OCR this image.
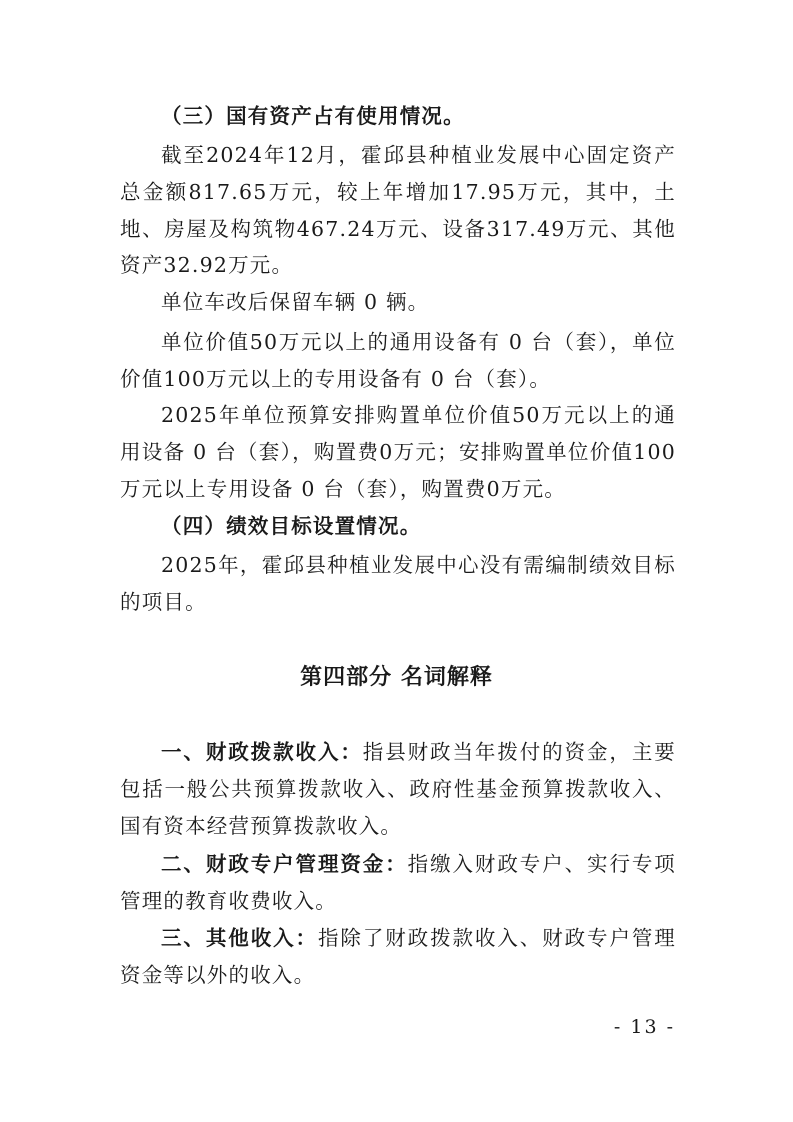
（三）国有资产占有使用情况。

截至2024年12月，霍邱县种植业发展中心固定资产总金额817.65万元，较上年增加17.95万元，其中，土地、房屋及构筑物467.24万元、设备317.49万元、其他资产32.92万元。

单位车改后保留车辆 0 辆。

单位价值50万元以上的通用设备有 0 台（套），单位价值100万元以上的专用设备有 0 台（套）。

2025年单位预算安排购置单位价值50万元以上的通用设备 0 台（套），购置费0万元；安排购置单位价值100万元以上专用设备 0 台（套），购置费0万元。

（四）绩效目标设置情况。

2025年，霍邱县种植业发展中心没有需编制绩效目标的项目。

第四部分 名词解释

一、财政拨款收入：指县财政当年拨付的资金，主要包括一般公共预算拨款收入、政府性基金预算拨款收入、国有资本经营预算拨款收入。

二、财政专户管理资金：指缴入财政专户、实行专项管理的教育收费收入。

三、其他收入：指除了财政拨款收入、财政专户管理资金等以外的收入。

- 13 -
